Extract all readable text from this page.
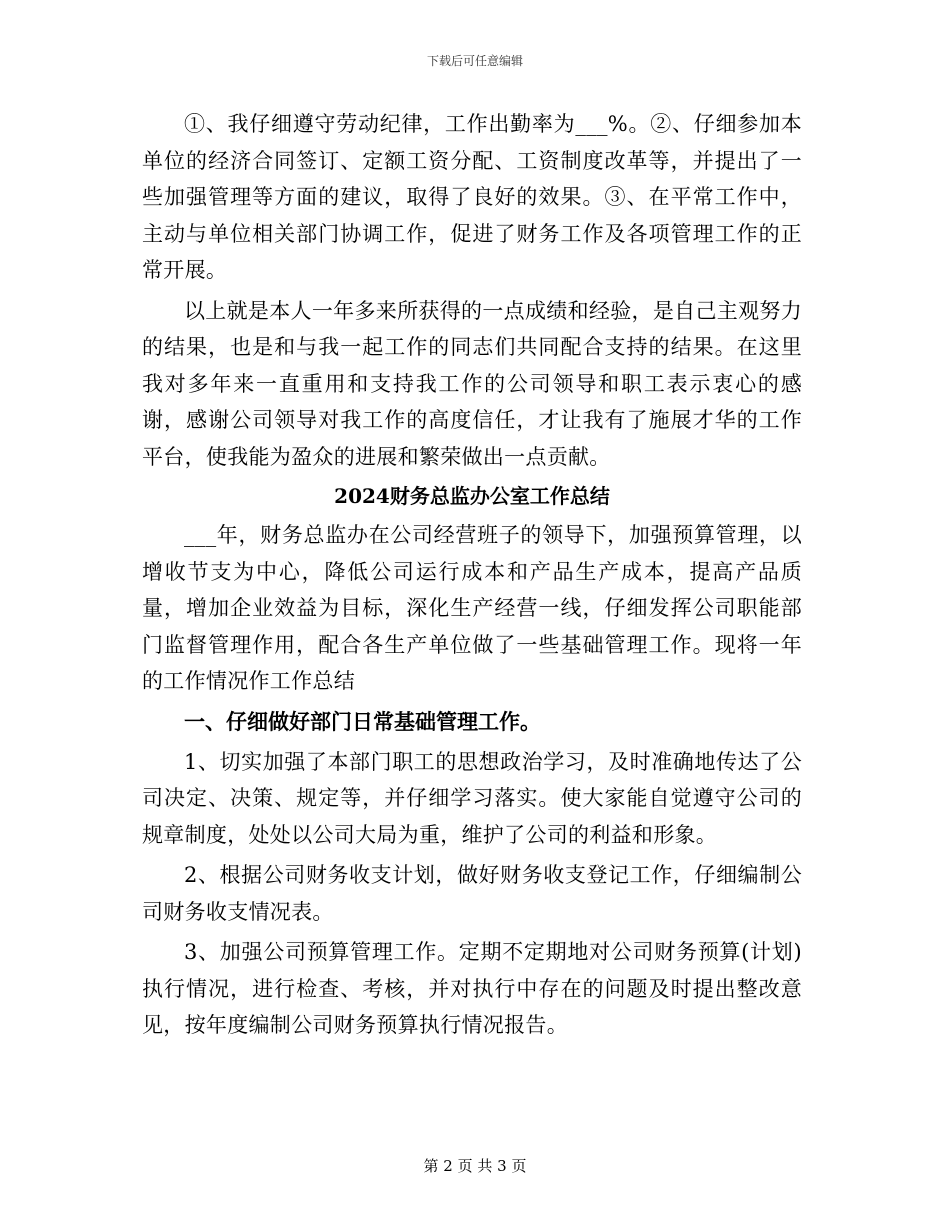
下载后可任意编辑

①、我仔细遵守劳动纪律，工作出勤率为___%。②、仔细参加本单位的经济合同签订、定额工资分配、工资制度改革等，并提出了一些加强管理等方面的建议，取得了良好的效果。③、在平常工作中，主动与单位相关部门协调工作，促进了财务工作及各项管理工作的正常开展。

以上就是本人一年多来所获得的一点成绩和经验，是自己主观努力的结果，也是和与我一起工作的同志们共同配合支持的结果。在这里我对多年来一直重用和支持我工作的公司领导和职工表示衷心的感谢，感谢公司领导对我工作的高度信任，才让我有了施展才华的工作平台，使我能为盈众的进展和繁荣做出一点贡献。

2024财务总监办公室工作总结

___年，财务总监办在公司经营班子的领导下，加强预算管理，以增收节支为中心，降低公司运行成本和产品生产成本，提高产品质量，增加企业效益为目标，深化生产经营一线，仔细发挥公司职能部门监督管理作用，配合各生产单位做了一些基础管理工作。现将一年的工作情况作工作总结

一、仔细做好部门日常基础管理工作。

1、切实加强了本部门职工的思想政治学习，及时准确地传达了公司决定、决策、规定等，并仔细学习落实。使大家能自觉遵守公司的规章制度，处处以公司大局为重，维护了公司的利益和形象。

2、根据公司财务收支计划，做好财务收支登记工作，仔细编制公司财务收支情况表。

3、加强公司预算管理工作。定期不定期地对公司财务预算(计划)执行情况，进行检查、考核，并对执行中存在的问题及时提出整改意见，按年度编制公司财务预算执行情况报告。

第 2 页 共 3 页
